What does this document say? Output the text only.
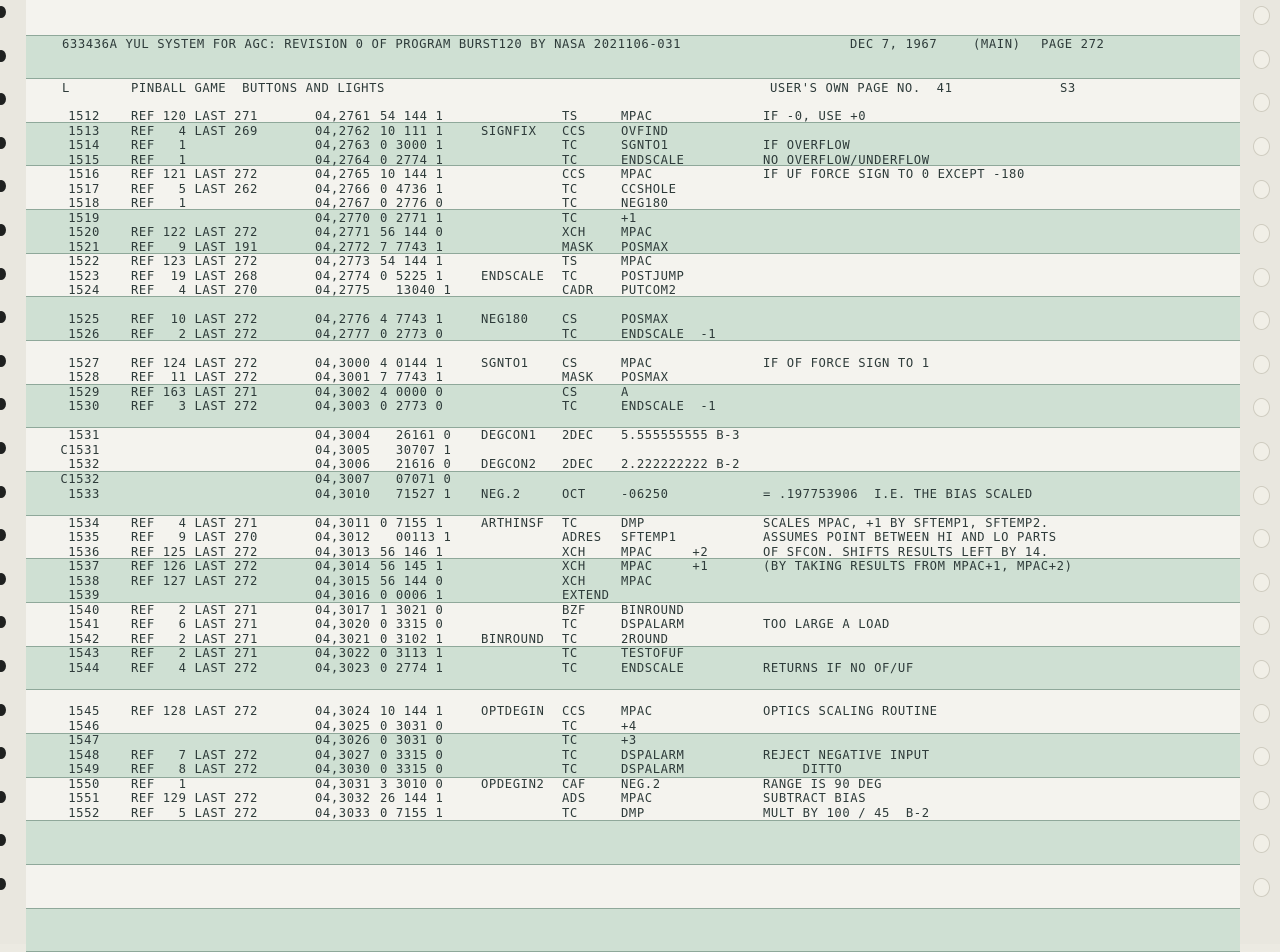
633436A YUL SYSTEM FOR AGC: REVISION 0 OF PROGRAM BURST120 BY NASA 2021106-031	DEC 7, 1967	(MAIN) PAGE 272
L	PINBALL GAME  BUTTONS AND LIGHTS	USER'S OWN PAGE NO.  41	S3
1512	REF 120 LAST 271	04,2761 54 144 1	TS	MPAC	IF -0, USE +0
1513	REF   4 LAST 269	04,2762 10 111 1	SIGNFIX CCS	OVFIND
1514	REF   1	04,2763 0 3000 1	TC	SGNTO1	IF OVERFLOW
1515	REF   1	04,2764 0 2774 1	TC	ENDSCALE	NO OVERFLOW/UNDERFLOW
1516	REF 121 LAST 272	04,2765 10 144 1	CCS	MPAC	IF UF FORCE SIGN TO 0 EXCEPT -180
1517	REF   5 LAST 262	04,2766 0 4736 1	TC	CCSHOLE
1518	REF   1	04,2767 0 2776 0	TC	NEG180
1519	04,2770 0 2771 1	TC	+1
1520	REF 122 LAST 272	04,2771 56 144 0	XCH	MPAC
1521	REF   9 LAST 191	04,2772 7 7743 1	MASK POSMAX
1522	REF 123 LAST 272	04,2773 54 144 1	TS	MPAC
1523	REF  19 LAST 268	04,2774 0 5225 1	ENDSCALE TC	POSTJUMP
1524	REF   4 LAST 270	04,2775 13040 1	CADR PUTCOM2
1525	REF  10 LAST 272	04,2776 4 7743 1	NEG180	CS	POSMAX
1526	REF   2 LAST 272	04,2777 0 2773 0	TC	ENDSCALE  -1
1527	REF 124 LAST 272	04,3000 4 0144 1	SGNTO1	CS	MPAC	IF OF FORCE SIGN TO 1
1528	REF  11 LAST 272	04,3001 7 7743 1	MASK POSMAX
1529	REF 163 LAST 271	04,3002 4 0000 0	CS	A
1530	REF   3 LAST 272	04,3003 0 2773 0	TC	ENDSCALE  -1
1531	04,3004 26161 0 DEGCON1 2DEC 5.555555555 B-3
C1531	04,3005 30707 1
1532	04,3006 21616 0 DEGCON2 2DEC 2.222222222 B-2
C1532	04,3007 07071 0
1533	04,3010 71527 1 NEG.2	OCT	-06250	= .197753906  I.E. THE BIAS SCALED
1534	REF   4 LAST 271	04,3011 0 7155 1	ARTHINSF TC	DMP	SCALES MPAC, +1 BY SFTEMP1, SFTEMP2.
1535	REF   9 LAST 270	04,3012 00113 1	ADRES SFTEMP1	ASSUMES POINT BETWEEN HI AND LO PARTS
1536	REF 125 LAST 272	04,3013 56 146 1	XCH	MPAC     +2	OF SFCON. SHIFTS RESULTS LEFT BY 14.
1537	REF 126 LAST 272	04,3014 56 145 1	XCH	MPAC     +1	(BY TAKING RESULTS FROM MPAC+1, MPAC+2)
1538	REF 127 LAST 272	04,3015 56 144 0	XCH	MPAC
1539	04,3016 0 0006 1	EXTEND
1540	REF   2 LAST 271	04,3017 1 3021 0	BZF	BINROUND
1541	REF   6 LAST 271	04,3020 0 3315 0	TC	DSPALARM	TOO LARGE A LOAD
1542	REF   2 LAST 271	04,3021 0 3102 1	BINROUND TC	2ROUND
1543	REF   2 LAST 271	04,3022 0 3113 1	TC	TESTOFUF
1544	REF   4 LAST 272	04,3023 0 2774 1	TC	ENDSCALE	RETURNS IF NO OF/UF
1545	REF 128 LAST 272	04,3024 10 144 1	OPTDEGIN CCS	MPAC	OPTICS SCALING ROUTINE
1546	04,3025 0 3031 0	TC	+4
1547	04,3026 0 3031 0	TC	+3
1548	REF   7 LAST 272	04,3027 0 3315 0	TC	DSPALARM	REJECT NEGATIVE INPUT
1549	REF   8 LAST 272	04,3030 0 3315 0	TC	DSPALARM	DITTO
1550	REF   1	04,3031 3 3010 0	OPDEGIN2 CAF	NEG.2	RANGE IS 90 DEG
1551	REF 129 LAST 272	04,3032 26 144 1	ADS	MPAC	SUBTRACT BIAS
1552	REF   5 LAST 272	04,3033 0 7155 1	TC	DMP	MULT BY 100 / 45  B-2
